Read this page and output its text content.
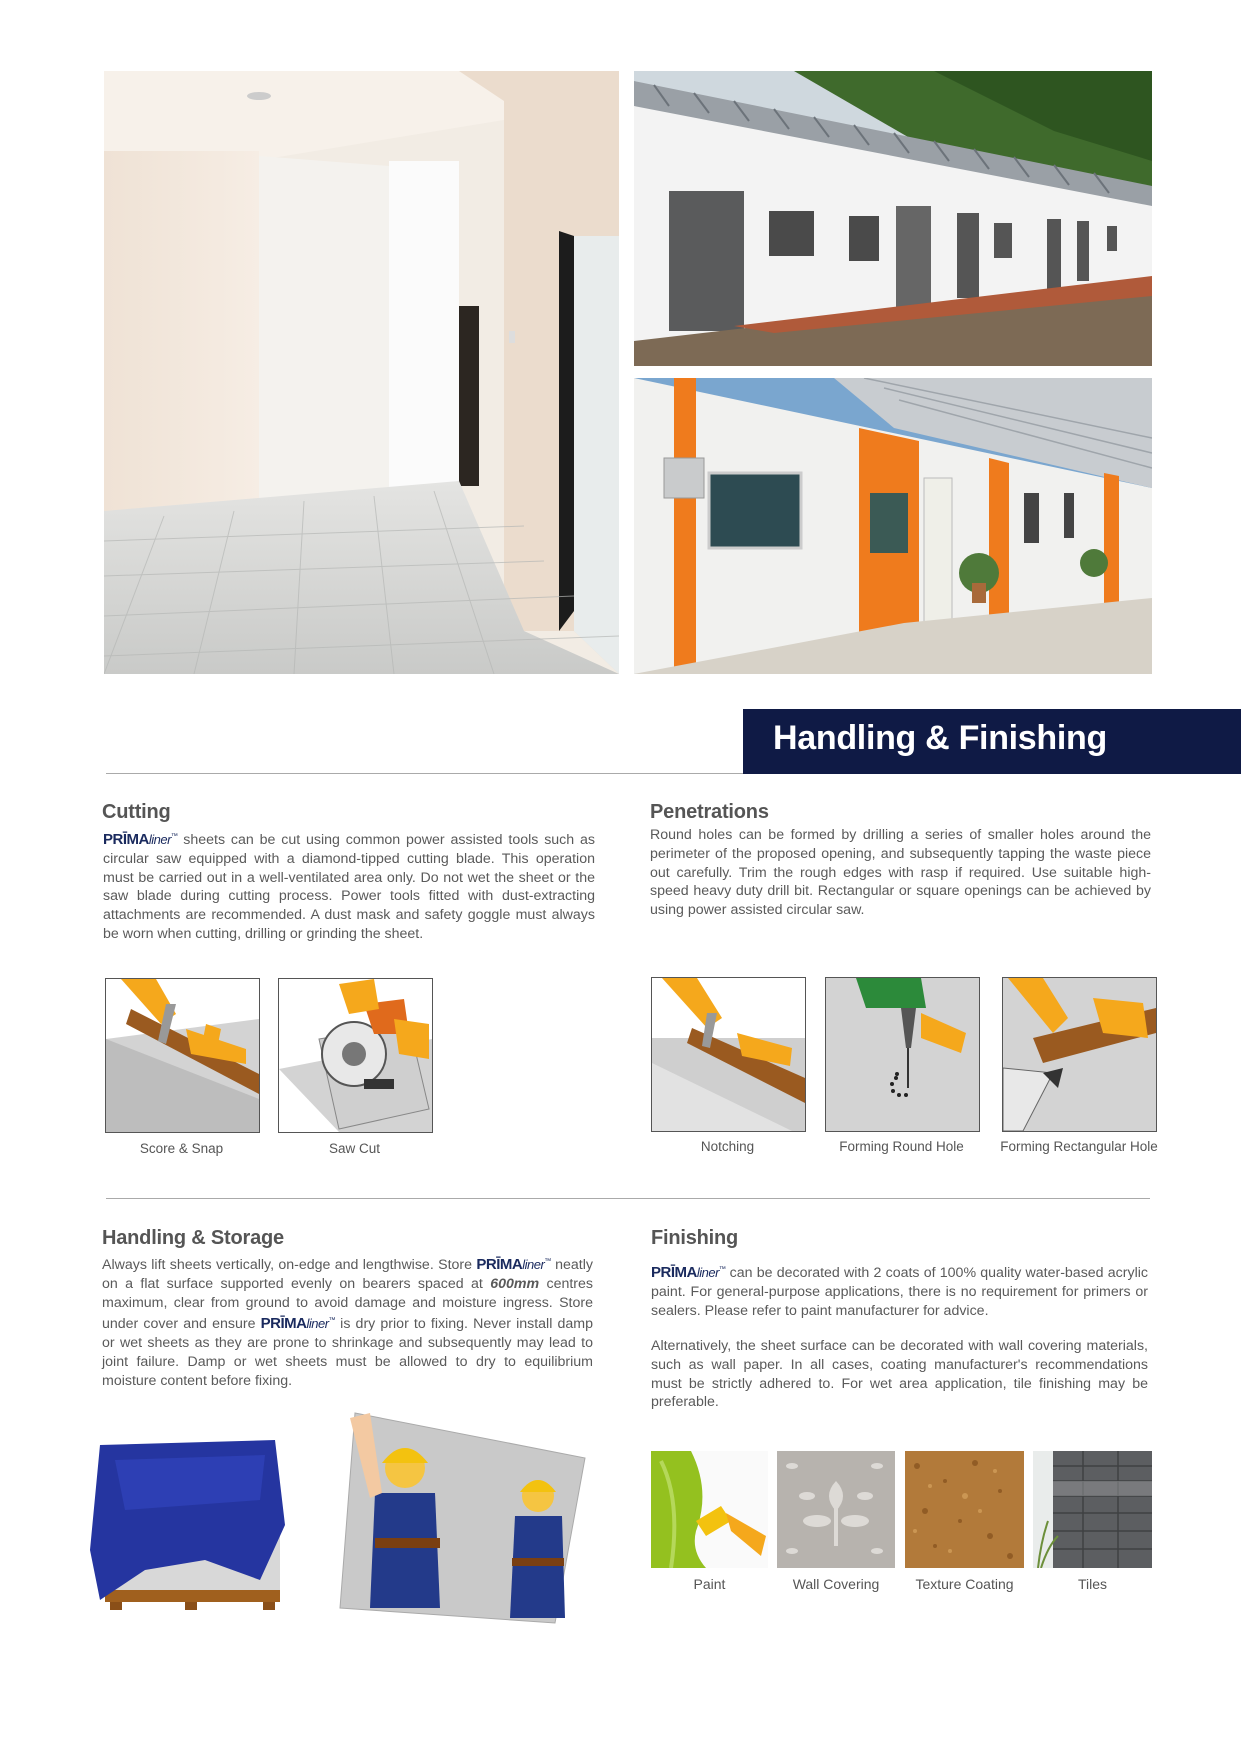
Handling & Finishing
Cutting
PRĪMAliner™ sheets can be cut using common power assisted tools such as circular saw equipped with a diamond-tipped cutting blade. This operation must be carried out in a well-ventilated area only. Do not wet the sheet or the saw blade during cutting process. Power tools fitted with dust-extracting attachments are recommended. A dust mask and safety goggle must always be worn when cutting, drilling or grinding the sheet.
Score & Snap	Saw Cut
Penetrations
Round holes can be formed by drilling a series of smaller holes around the perimeter of the proposed opening, and subsequently tapping the waste piece out carefully. Trim the rough edges with rasp if required. Use suitable high-speed heavy duty drill bit. Rectangular or square openings can be achieved by using power assisted circular saw.
Notching	Forming Round Hole	Forming Rectangular Hole
Handling & Storage
Always lift sheets vertically, on-edge and lengthwise. Store PRĪMAliner™ neatly on a flat surface supported evenly on bearers spaced at 600mm centres maximum, clear from ground to avoid damage and moisture ingress. Store under cover and ensure PRĪMAliner™ is dry prior to fixing. Never install damp or wet sheets as they are prone to shrinkage and subsequently may lead to joint failure. Damp or wet sheets must be allowed to dry to equilibrium moisture content before fixing.
Finishing
PRĪMAliner™ can be decorated with 2 coats of 100% quality water-based acrylic paint. For general-purpose applications, there is no requirement for primers or sealers. Please refer to paint manufacturer for advice.
Alternatively, the sheet surface can be decorated with wall covering materials, such as wall paper. In all cases, coating manufacturer's recommendations must be strictly adhered to. For wet area application, tile finishing may be preferable.
Paint	Wall Covering	Texture Coating	Tiles
